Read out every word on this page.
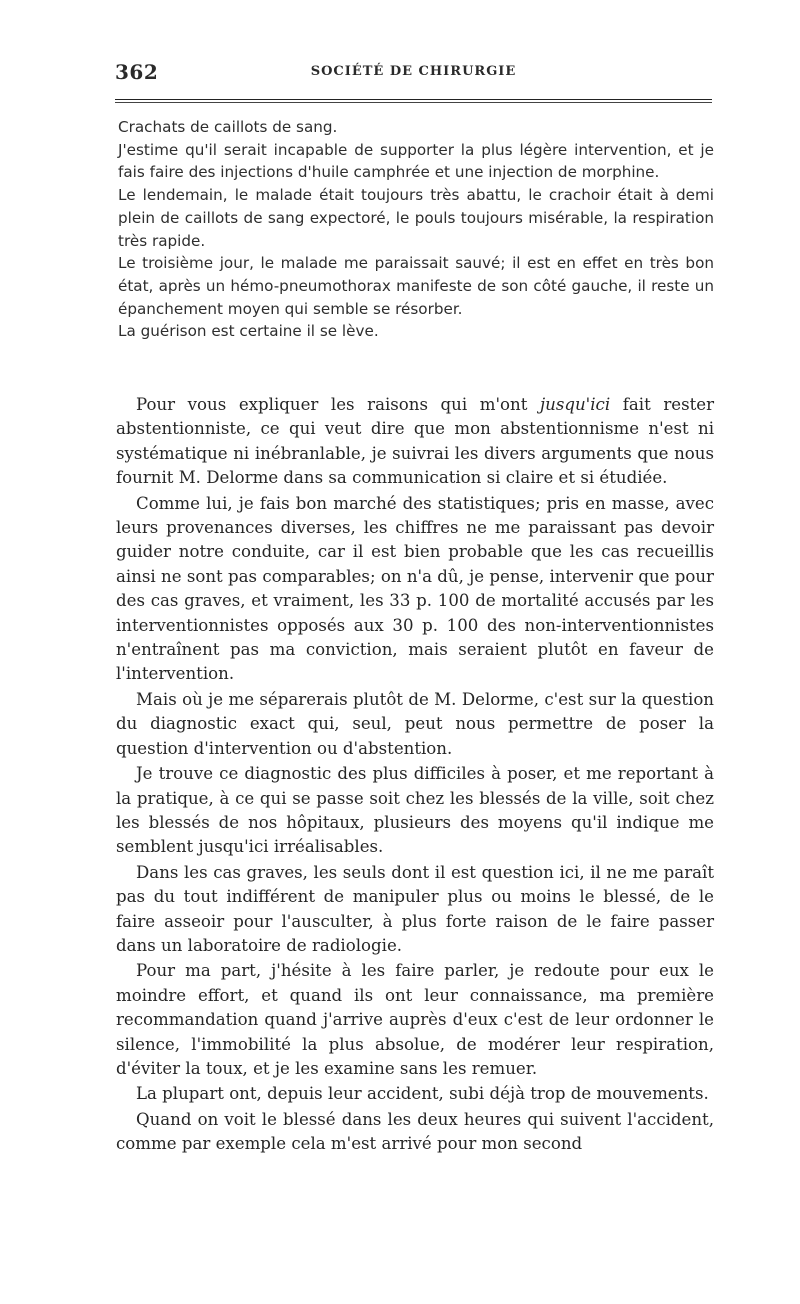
362	SOCIÉTÉ DE CHIRURGIE

Crachats de caillots de sang.

J'estime qu'il serait incapable de supporter la plus légère intervention, et je fais faire des injections d'huile camphrée et une injection de morphine.

Le lendemain, le malade était toujours très abattu, le crachoir était à demi plein de caillots de sang expectoré, le pouls toujours misérable, la respiration très rapide.

Le troisième jour, le malade me paraissait sauvé; il est en effet en très bon état, après un hémo-pneumothorax manifeste de son côté gauche, il reste un épanchement moyen qui semble se résorber.

La guérison est certaine il se lève.

Pour vous expliquer les raisons qui m'ont jusqu'ici fait rester abstentionniste, ce qui veut dire que mon abstentionnisme n'est ni systématique ni inébranlable, je suivrai les divers arguments que nous fournit M. Delorme dans sa communication si claire et si étudiée.

Comme lui, je fais bon marché des statistiques; pris en masse, avec leurs provenances diverses, les chiffres ne me paraissant pas devoir guider notre conduite, car il est bien probable que les cas recueillis ainsi ne sont pas comparables; on n'a dû, je pense, intervenir que pour des cas graves, et vraiment, les 33 p. 100 de mortalité accusés par les interventionnistes opposés aux 30 p. 100 des non-interventionnistes n'entraînent pas ma conviction, mais seraient plutôt en faveur de l'intervention.

Mais où je me séparerais plutôt de M. Delorme, c'est sur la question du diagnostic exact qui, seul, peut nous permettre de poser la question d'intervention ou d'abstention.

Je trouve ce diagnostic des plus difficiles à poser, et me reportant à la pratique, à ce qui se passe soit chez les blessés de la ville, soit chez les blessés de nos hôpitaux, plusieurs des moyens qu'il indique me semblent jusqu'ici irréalisables.

Dans les cas graves, les seuls dont il est question ici, il ne me paraît pas du tout indifférent de manipuler plus ou moins le blessé, de le faire asseoir pour l'ausculter, à plus forte raison de le faire passer dans un laboratoire de radiologie.

Pour ma part, j'hésite à les faire parler, je redoute pour eux le moindre effort, et quand ils ont leur connaissance, ma première recommandation quand j'arrive auprès d'eux c'est de leur ordonner le silence, l'immobilité la plus absolue, de modérer leur respiration, d'éviter la toux, et je les examine sans les remuer.

La plupart ont, depuis leur accident, subi déjà trop de mouvements.

Quand on voit le blessé dans les deux heures qui suivent l'accident, comme par exemple cela m'est arrivé pour mon second
